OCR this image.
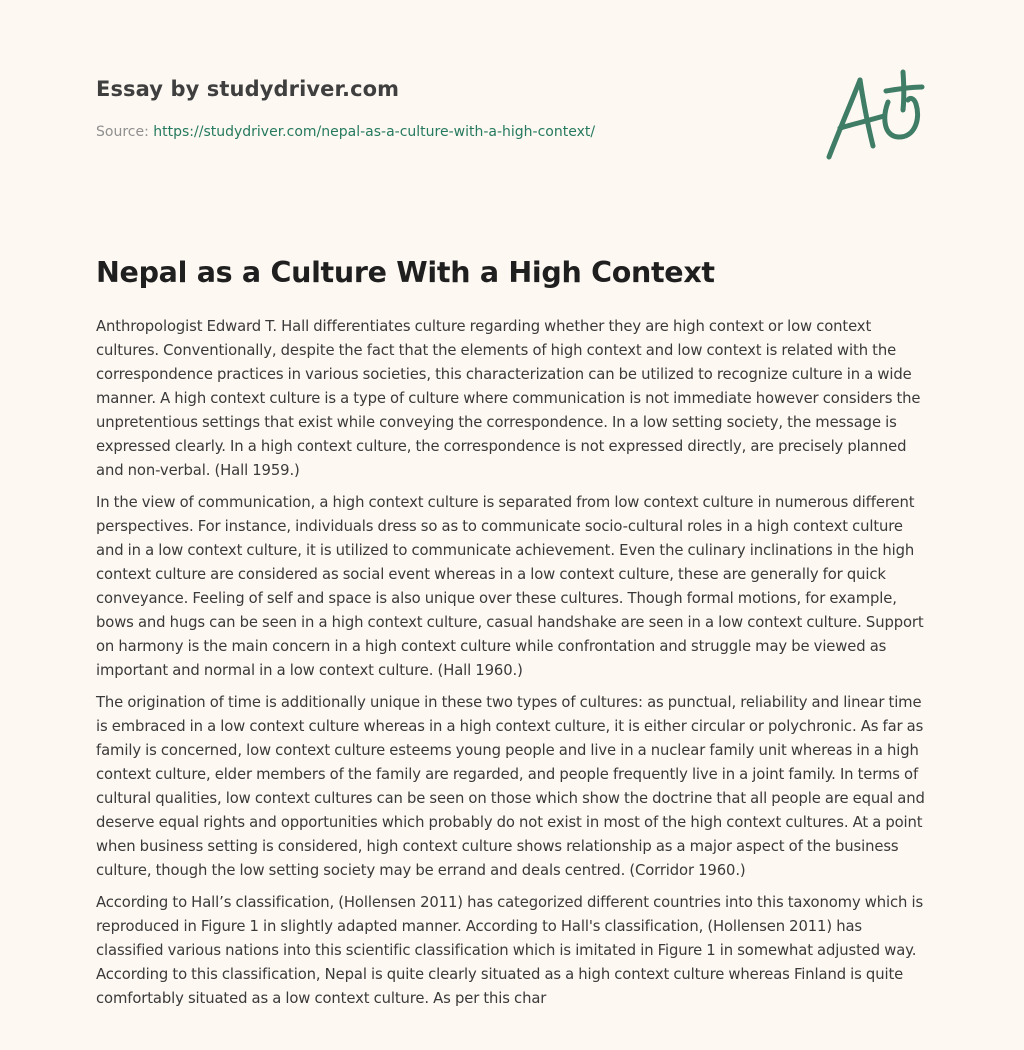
Essay by studydriver.com
Source: https://studydriver.com/nepal-as-a-culture-with-a-high-context/
Nepal as a Culture With a High Context

Anthropologist Edward T. Hall differentiates culture regarding whether they are high context or low context cultures. Conventionally, despite the fact that the elements of high context and low context is related with the correspondence practices in various societies, this characterization can be utilized to recognize culture in a wide manner. A high context culture is a type of culture where communication is not immediate however considers the unpretentious settings that exist while conveying the correspondence. In a low setting society, the message is expressed clearly. In a high context culture, the correspondence is not expressed directly, are precisely planned and non-verbal. (Hall 1959.)

In the view of communication, a high context culture is separated from low context culture in numerous different perspectives. For instance, individuals dress so as to communicate socio-cultural roles in a high context culture and in a low context culture, it is utilized to communicate achievement. Even the culinary inclinations in the high context culture are considered as social event whereas in a low context culture, these are generally for quick conveyance. Feeling of self and space is also unique over these cultures. Though formal motions, for example, bows and hugs can be seen in a high context culture, casual handshake are seen in a low context culture. Support on harmony is the main concern in a high context culture while confrontation and struggle may be viewed as important and normal in a low context culture. (Hall 1960.)

The origination of time is additionally unique in these two types of cultures: as punctual, reliability and linear time is embraced in a low context culture whereas in a high context culture, it is either circular or polychronic. As far as family is concerned, low context culture esteems young people and live in a nuclear family unit whereas in a high context culture, elder members of the family are regarded, and people frequently live in a joint family. In terms of cultural qualities, low context cultures can be seen on those which show the doctrine that all people are equal and deserve equal rights and opportunities which probably do not exist in most of the high context cultures. At a point when business setting is considered, high context culture shows relationship as a major aspect of the business culture, though the low setting society may be errand and deals centred. (Corridor 1960.)

According to Hall’s classification, (Hollensen 2011) has categorized different countries into this taxonomy which is reproduced in Figure 1 in slightly adapted manner. According to Hall's classification, (Hollensen 2011) has classified various nations into this scientific classification which is imitated in Figure 1 in somewhat adjusted way. According to this classification, Nepal is quite clearly situated as a high context culture whereas Finland is quite comfortably situated as a low context culture. As per this char
